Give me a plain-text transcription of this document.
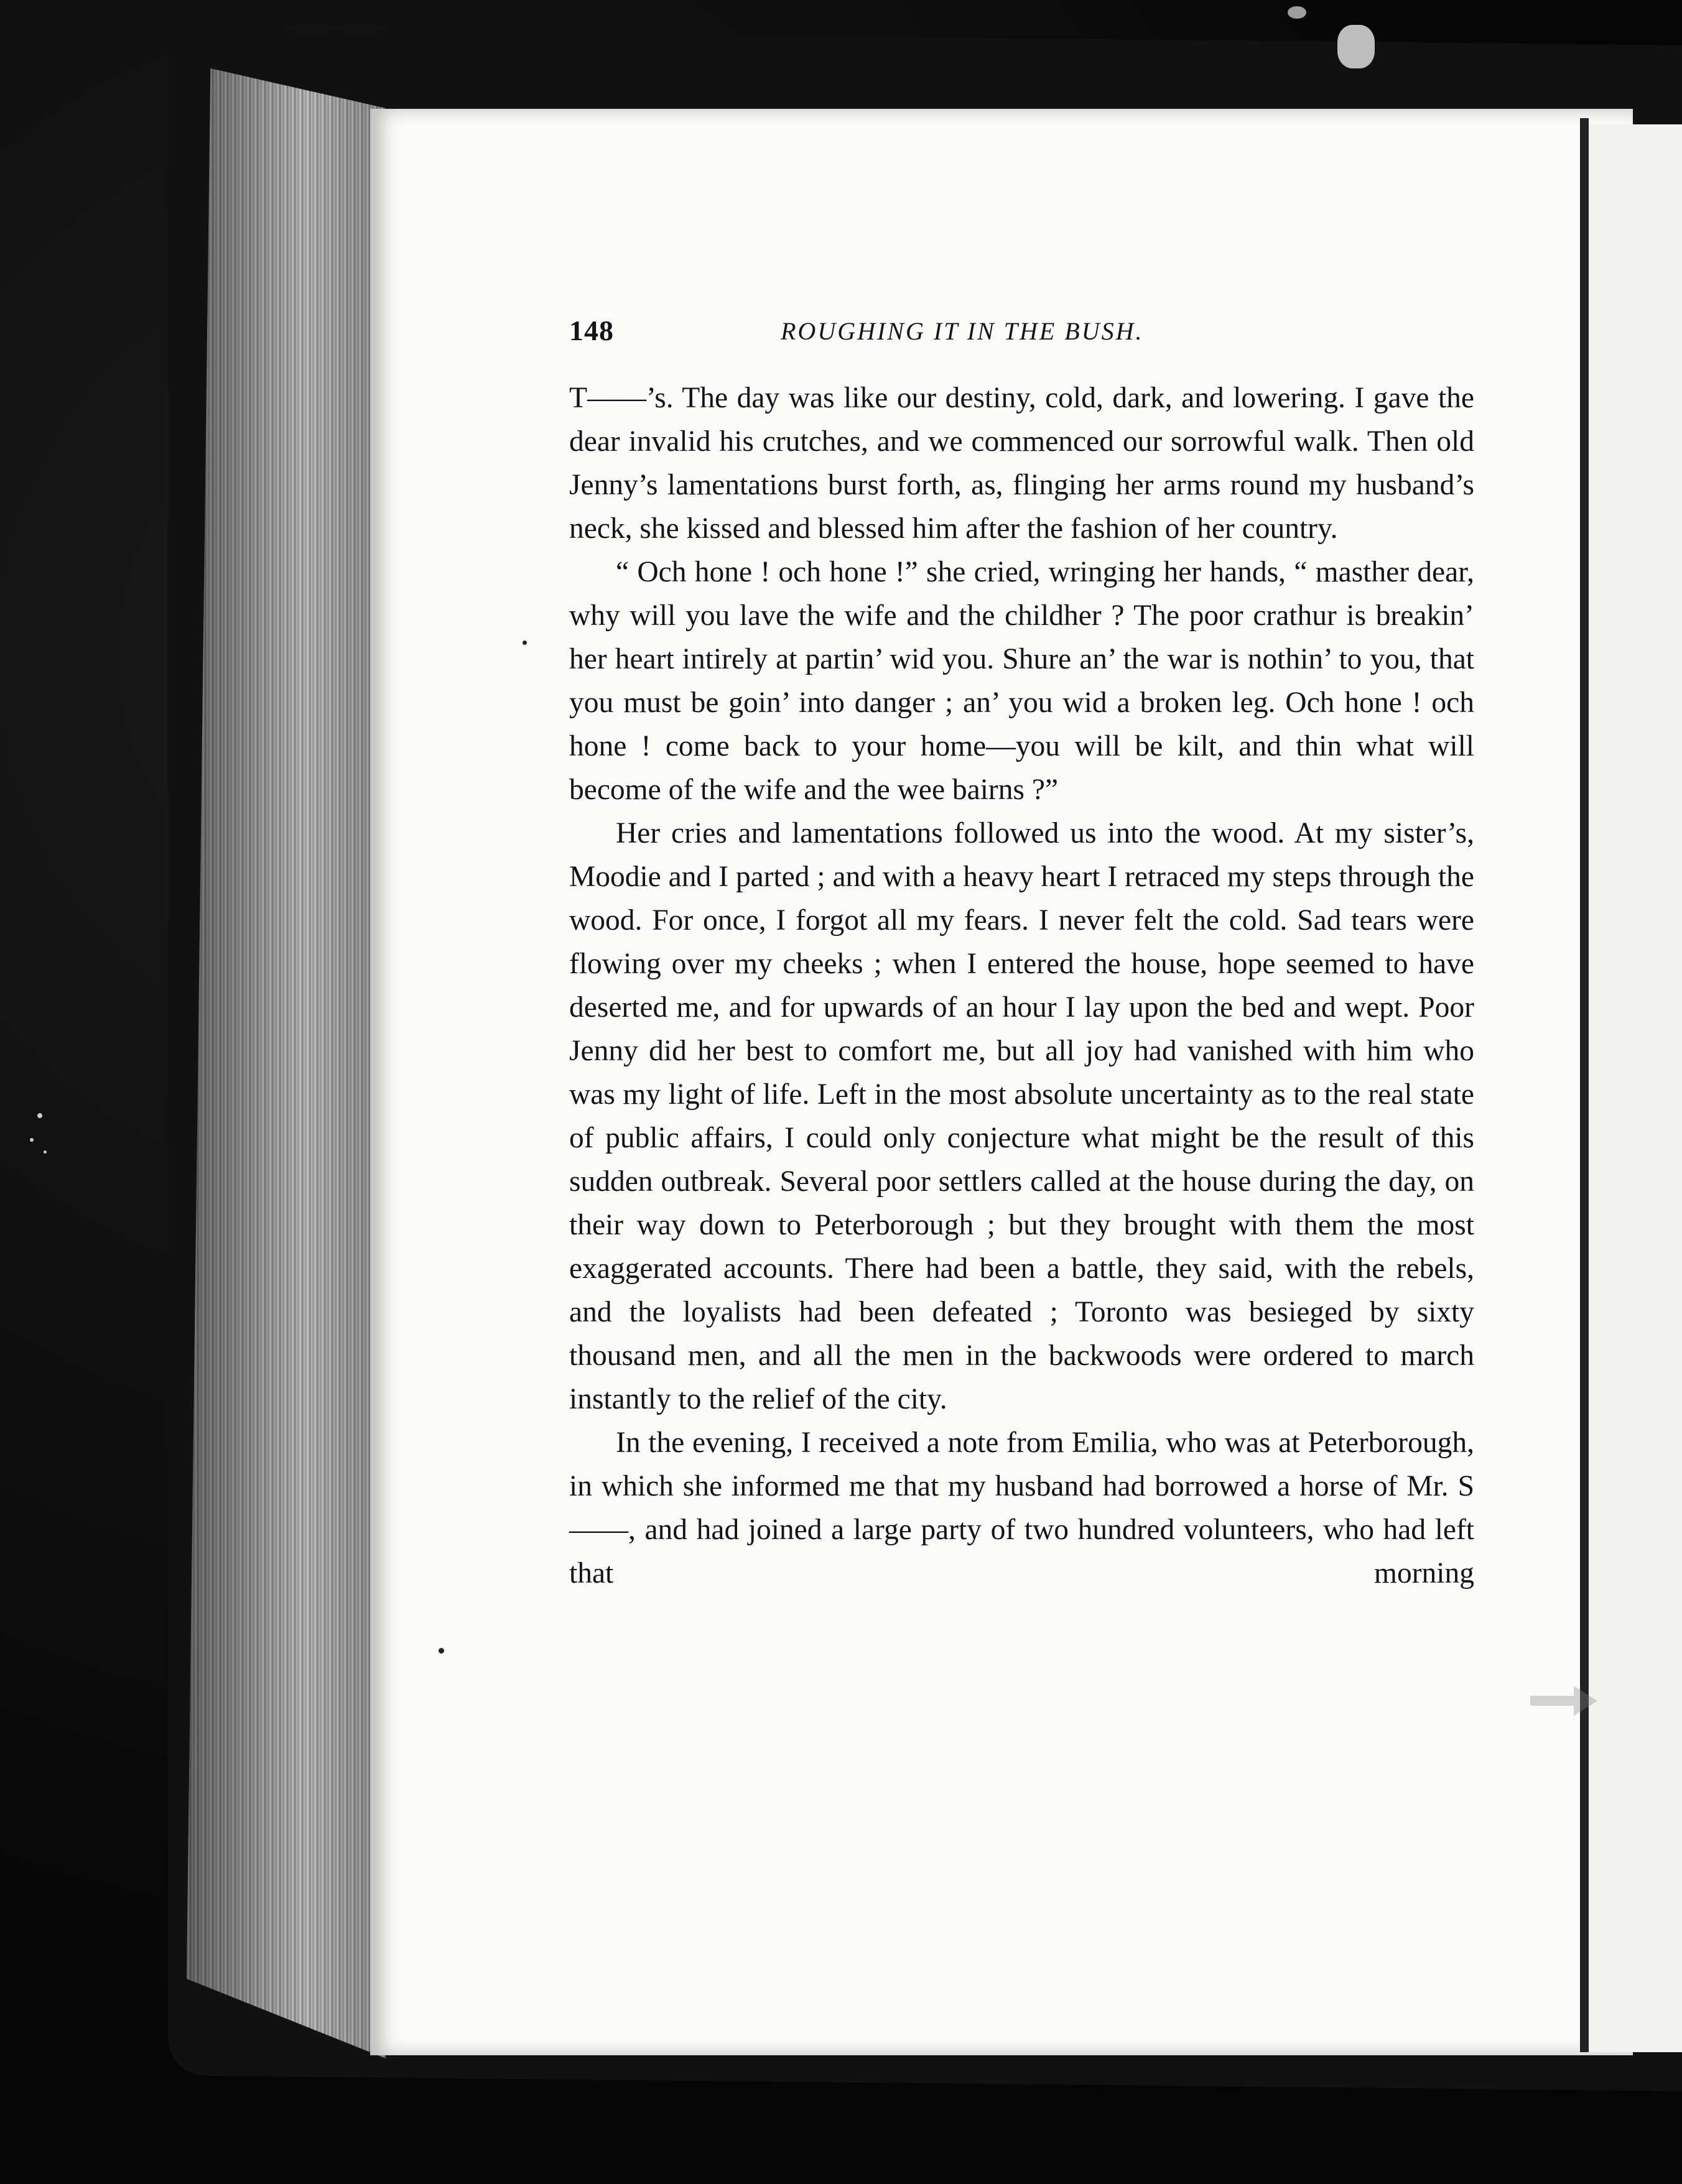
148	ROUGHING IT IN THE BUSH.

T——’s. The day was like our destiny, cold, dark, and lowering. I gave the dear invalid his crutches, and we commenced our sorrowful walk. Then old Jenny’s lamentations burst forth, as, flinging her arms round my husband’s neck, she kissed and blessed him after the fashion of her country.

“ Och hone ! och hone !” she cried, wringing her hands, “ masther dear, why will you lave the wife and the childher ? The poor crathur is breakin’ her heart intirely at partin’ wid you. Shure an’ the war is nothin’ to you, that you must be goin’ into danger ; an’ you wid a broken leg. Och hone ! och hone ! come back to your home—you will be kilt, and thin what will become of the wife and the wee bairns ?”

Her cries and lamentations followed us into the wood. At my sister’s, Moodie and I parted ; and with a heavy heart I retraced my steps through the wood. For once, I forgot all my fears. I never felt the cold. Sad tears were flowing over my cheeks ; when I entered the house, hope seemed to have deserted me, and for upwards of an hour I lay upon the bed and wept. Poor Jenny did her best to comfort me, but all joy had vanished with him who was my light of life. Left in the most absolute uncertainty as to the real state of public affairs, I could only conjecture what might be the result of this sudden outbreak. Several poor settlers called at the house during the day, on their way down to Peterborough ; but they brought with them the most exaggerated accounts. There had been a battle, they said, with the rebels, and the loyalists had been defeated ; Toronto was besieged by sixty thousand men, and all the men in the backwoods were ordered to march instantly to the relief of the city.

In the evening, I received a note from Emilia, who was at Peterborough, in which she informed me that my husband had borrowed a horse of Mr. S——, and had joined a large party of two hundred volunteers, who had left that morning
